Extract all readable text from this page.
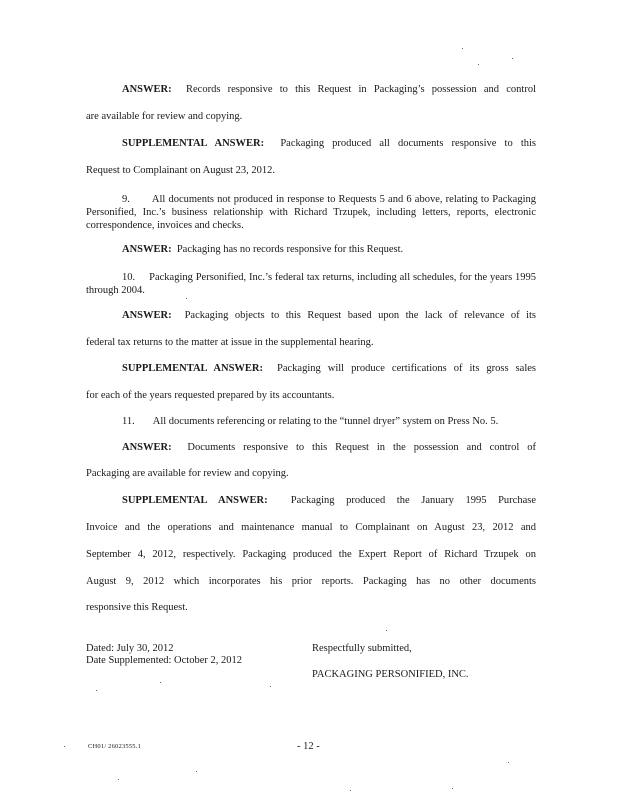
ANSWER: Records responsive to this Request in Packaging’s possession and control
are available for review and copying.
SUPPLEMENTAL ANSWER: Packaging produced all documents responsive to this
Request to Complainant on August 23, 2012.
9. All documents not produced in response to Requests 5 and 6 above, relating to Packaging Personified, Inc.’s business relationship with Richard Trzupek, including letters, reports, electronic correspondence, invoices and checks.
ANSWER: Packaging has no records responsive for this Request.
10. Packaging Personified, Inc.’s federal tax returns, including all schedules, for the years 1995 through 2004.
ANSWER: Packaging objects to this Request based upon the lack of relevance of its
federal tax returns to the matter at issue in the supplemental hearing.
SUPPLEMENTAL ANSWER: Packaging will produce certifications of its gross sales
for each of the years requested prepared by its accountants.
11. All documents referencing or relating to the “tunnel dryer” system on Press No. 5.
ANSWER: Documents responsive to this Request in the possession and control of
Packaging are available for review and copying.
SUPPLEMENTAL ANSWER: Packaging produced the January 1995 Purchase
Invoice and the operations and maintenance manual to Complainant on August 23, 2012 and
September 4, 2012, respectively. Packaging produced the Expert Report of Richard Trzupek on
August 9, 2012 which incorporates his prior reports. Packaging has no other documents
responsive this Request.
Dated: July 30, 2012
Date Supplemented: October 2, 2012
Respectfully submitted,
PACKAGING PERSONIFIED, INC.
CH01/ 26023555.1	- 12 -
